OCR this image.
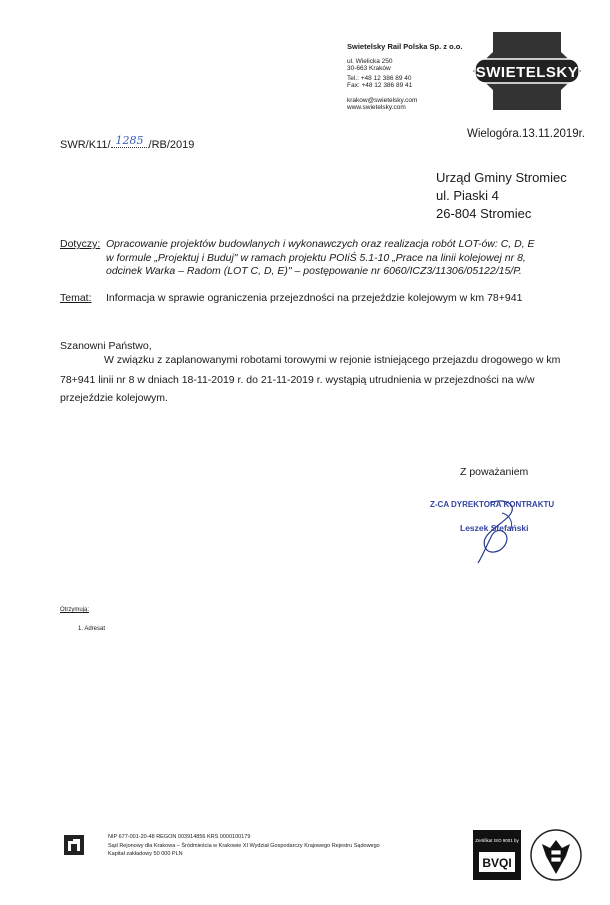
Swietelsky Rail Polska Sp. z o.o.
ul. Wielicka 250
30-663 Kraków
Tel.: +48 12 386 89 40
Fax: +48 12 386 89 41
krakow@swietelsky.com
www.swietelsky.com
SWIETELSKY
Wielogóra.13.11.2019r.
SWR/K11/ 1285 /RB/2019
Urząd Gminy Stromiec
ul. Piaski 4
26-804 Stromiec
Dotyczy: Opracowanie projektów budowlanych i wykonawczych oraz realizacja robót LOT-ów: C, D, E
w formule „Projektuj i Buduj" w ramach projektu POIiŚ 5.1-10 „Prace na linii kolejowej nr 8,
odcinek Warka – Radom (LOT C, D, E)" – postępowanie nr 6060/ICZ3/11306/05122/15/P.
Temat: Informacja w sprawie ograniczenia przejezdności na przejeździe kolejowym w km 78+941
Szanowni Państwo,
W związku z zaplanowanymi robotami torowymi w rejonie istniejącego przejazdu drogowego w km
78+941 linii nr 8 w dniach 18-11-2019 r. do 21-11-2019 r. wystąpią utrudnienia w przejezdności na w/w
przejeździe kolejowym.
Z poważaniem
Z-CA DYREKTORA KONTRAKTU
Leszek Stefański
Otrzymują:
1. Adresat
NIP 677-001-20-48 REGON 003914856 KRS 0000100179
Sąd Rejonowy dla Krakowa – Śródmieścia w Krakowie XI Wydział Gospodarczy Krajowego Rejestru Sądowego
Kapitał zakładowy 50 000 PLN
Zertifikat ISO 9001 by
BVQI
